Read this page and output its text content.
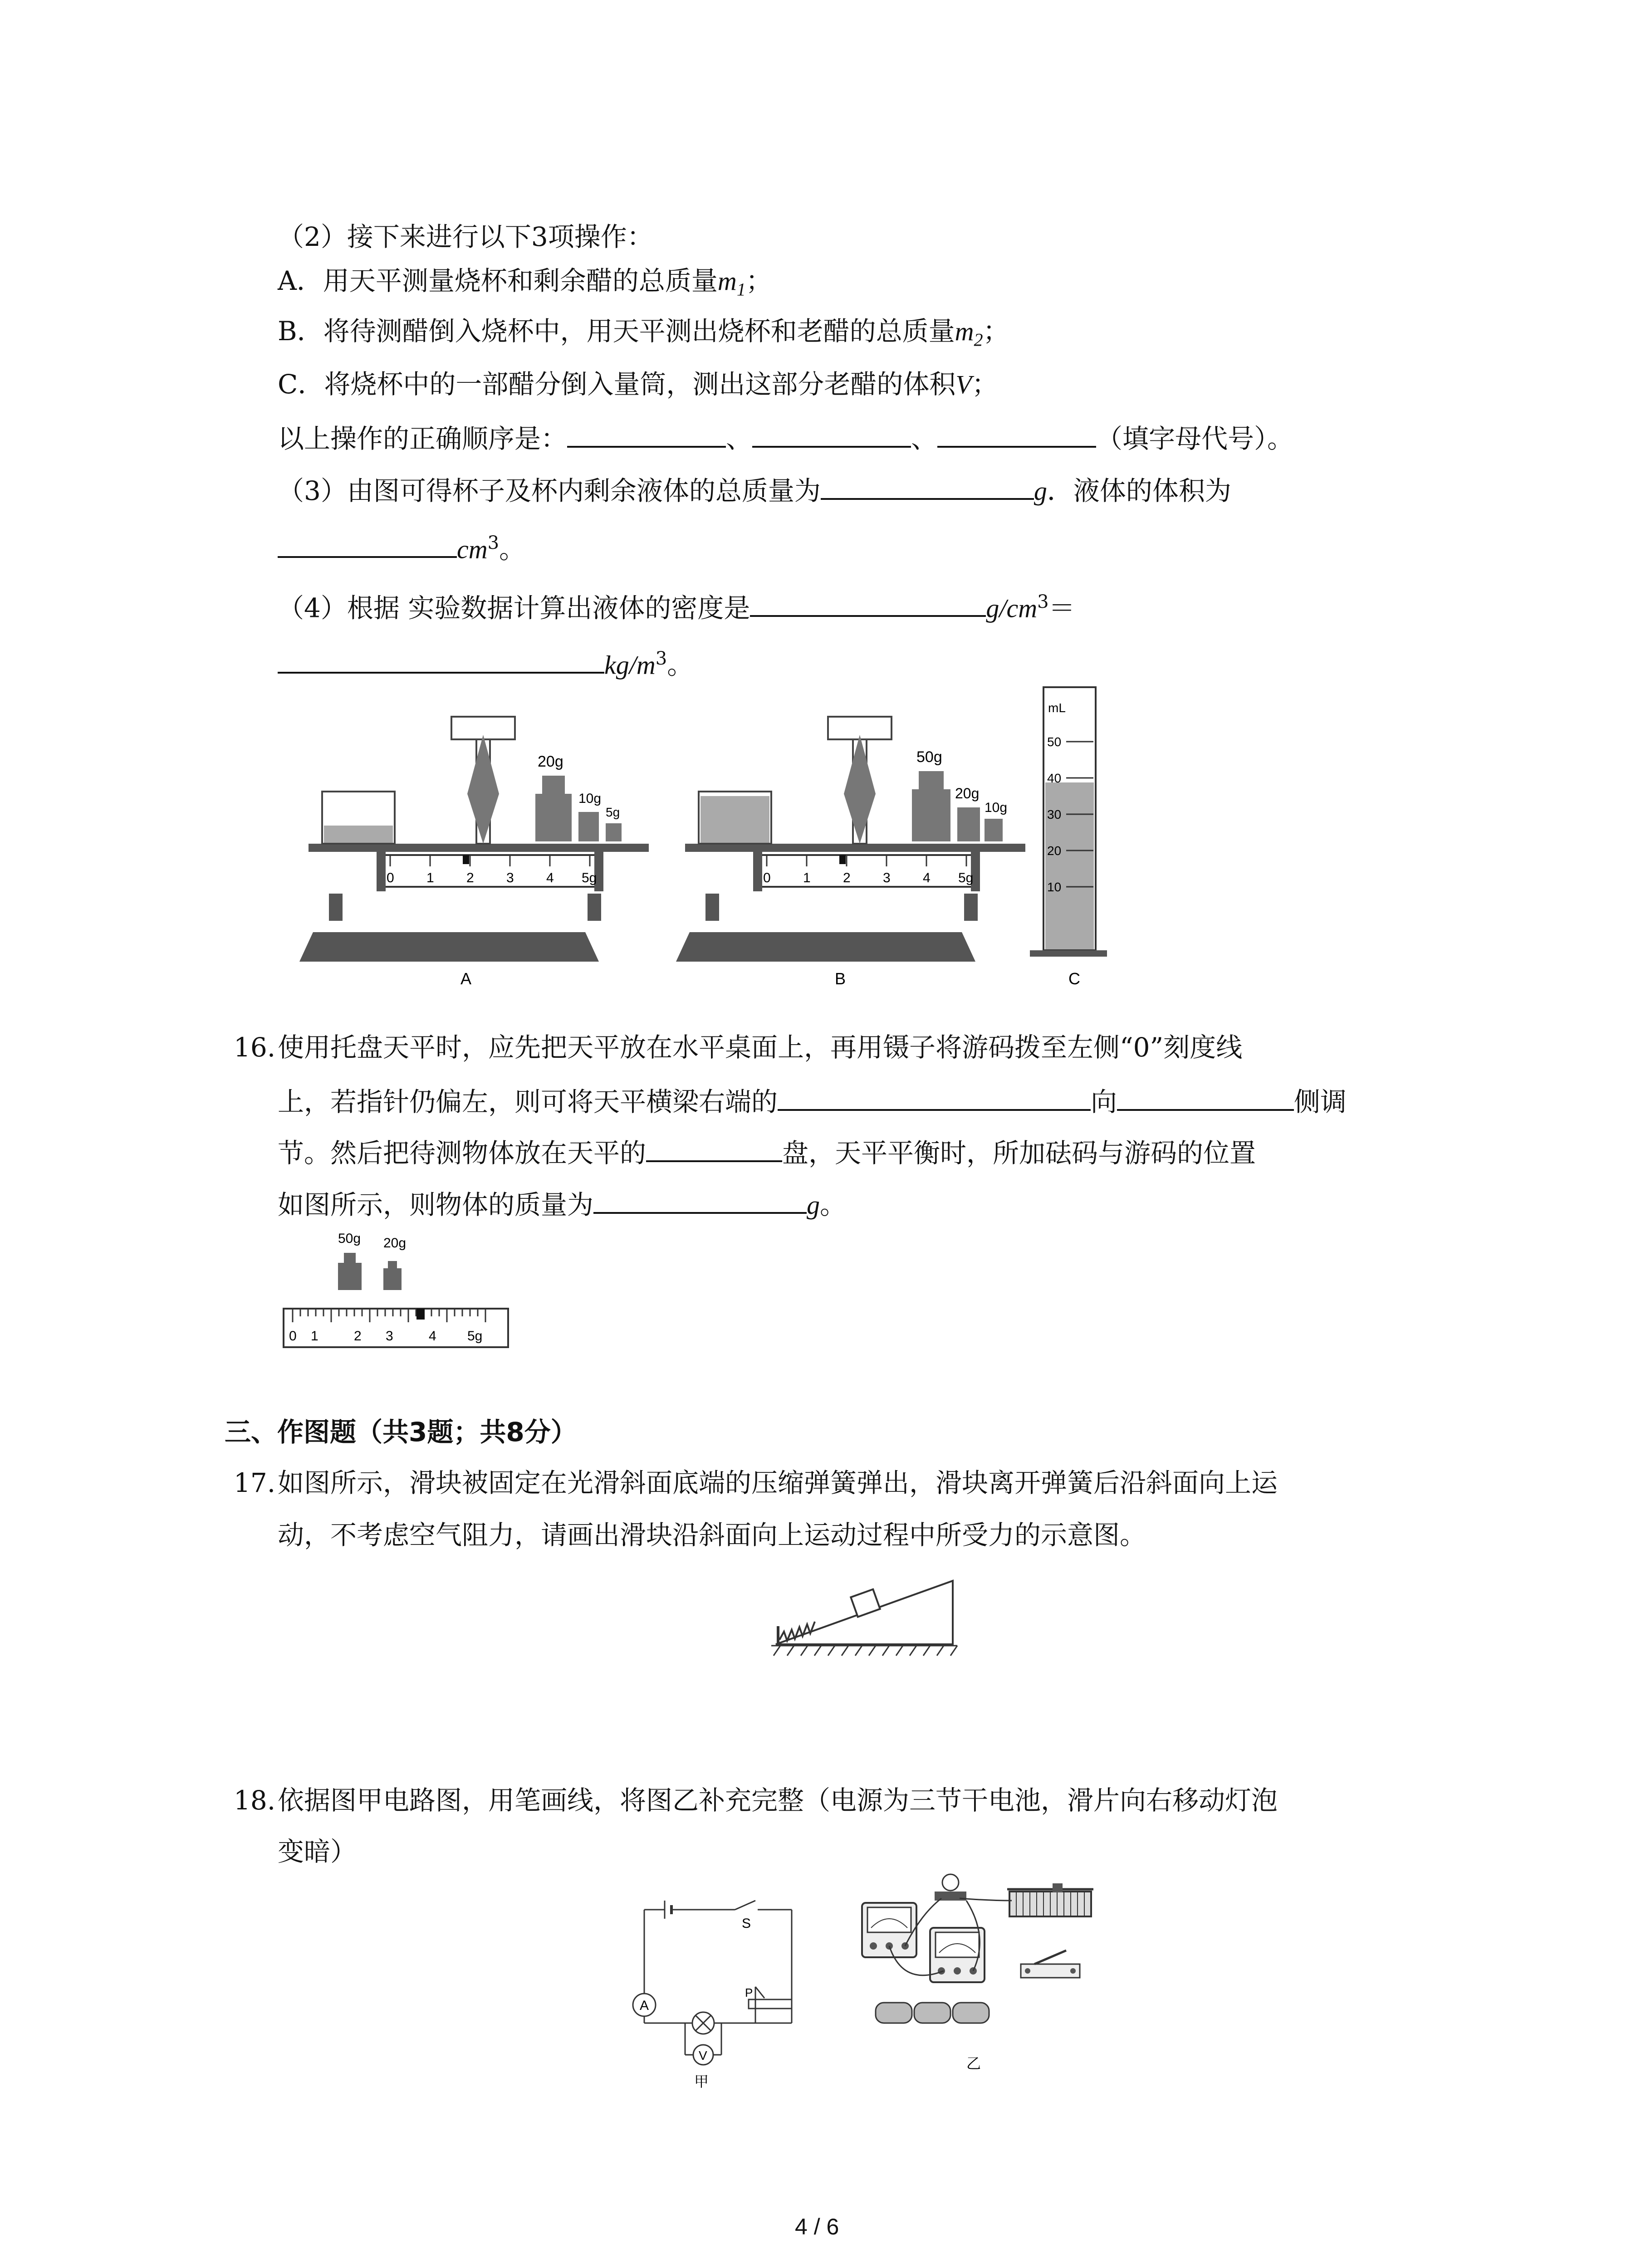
（2）接下来进行以下3项操作：
A．用天平测量烧杯和剩余醋的总质量$m_1$；
B．将待测醋倒入烧杯中，用天平测出烧杯和老醋的总质量$m_2$；
C．将烧杯中的一部醋分倒入量筒，测出这部分老醋的体积V；
以上操作的正确顺序是：	、	、	（填字母代号）。
（3）由图可得杯子及杯内剩余液体的总质量为	g．液体的体积为
$cm^3$。
（4）根据 实验数据计算出液体的密度是	$g/cm^3=$
$kg/m^3$。
0 1 2 3 4 5g
20g
10g
5g
A
0 1 2 3 4 5g
50g
20g
10g
B
mL
50
40
30
20
10
C
16. 使用托盘天平时，应先把天平放在水平桌面上，再用镊子将游码拨至左侧“0”刻度线
上，若指针仍偏左，则可将天平横梁右端的	向	侧调
节。然后把待测物体放在天平的	盘，天平平衡时，所加砝码与游码的位置
如图所示，则物体的质量为	g。
50g 20g
0 1	2 3	4 5g
三、作图题（共3题；共8分）
17. 如图所示，滑块被固定在光滑斜面底端的压缩弹簧弹出，滑块离开弹簧后沿斜面向上运
动，不考虑空气阻力，请画出滑块沿斜面向上运动过程中所受力的示意图。
18. 依据图甲电路图，用笔画线，将图乙补充完整（电源为三节干电池，滑片向右移动灯泡
变暗）
A
V
S
P
甲
乙
4 / 6
